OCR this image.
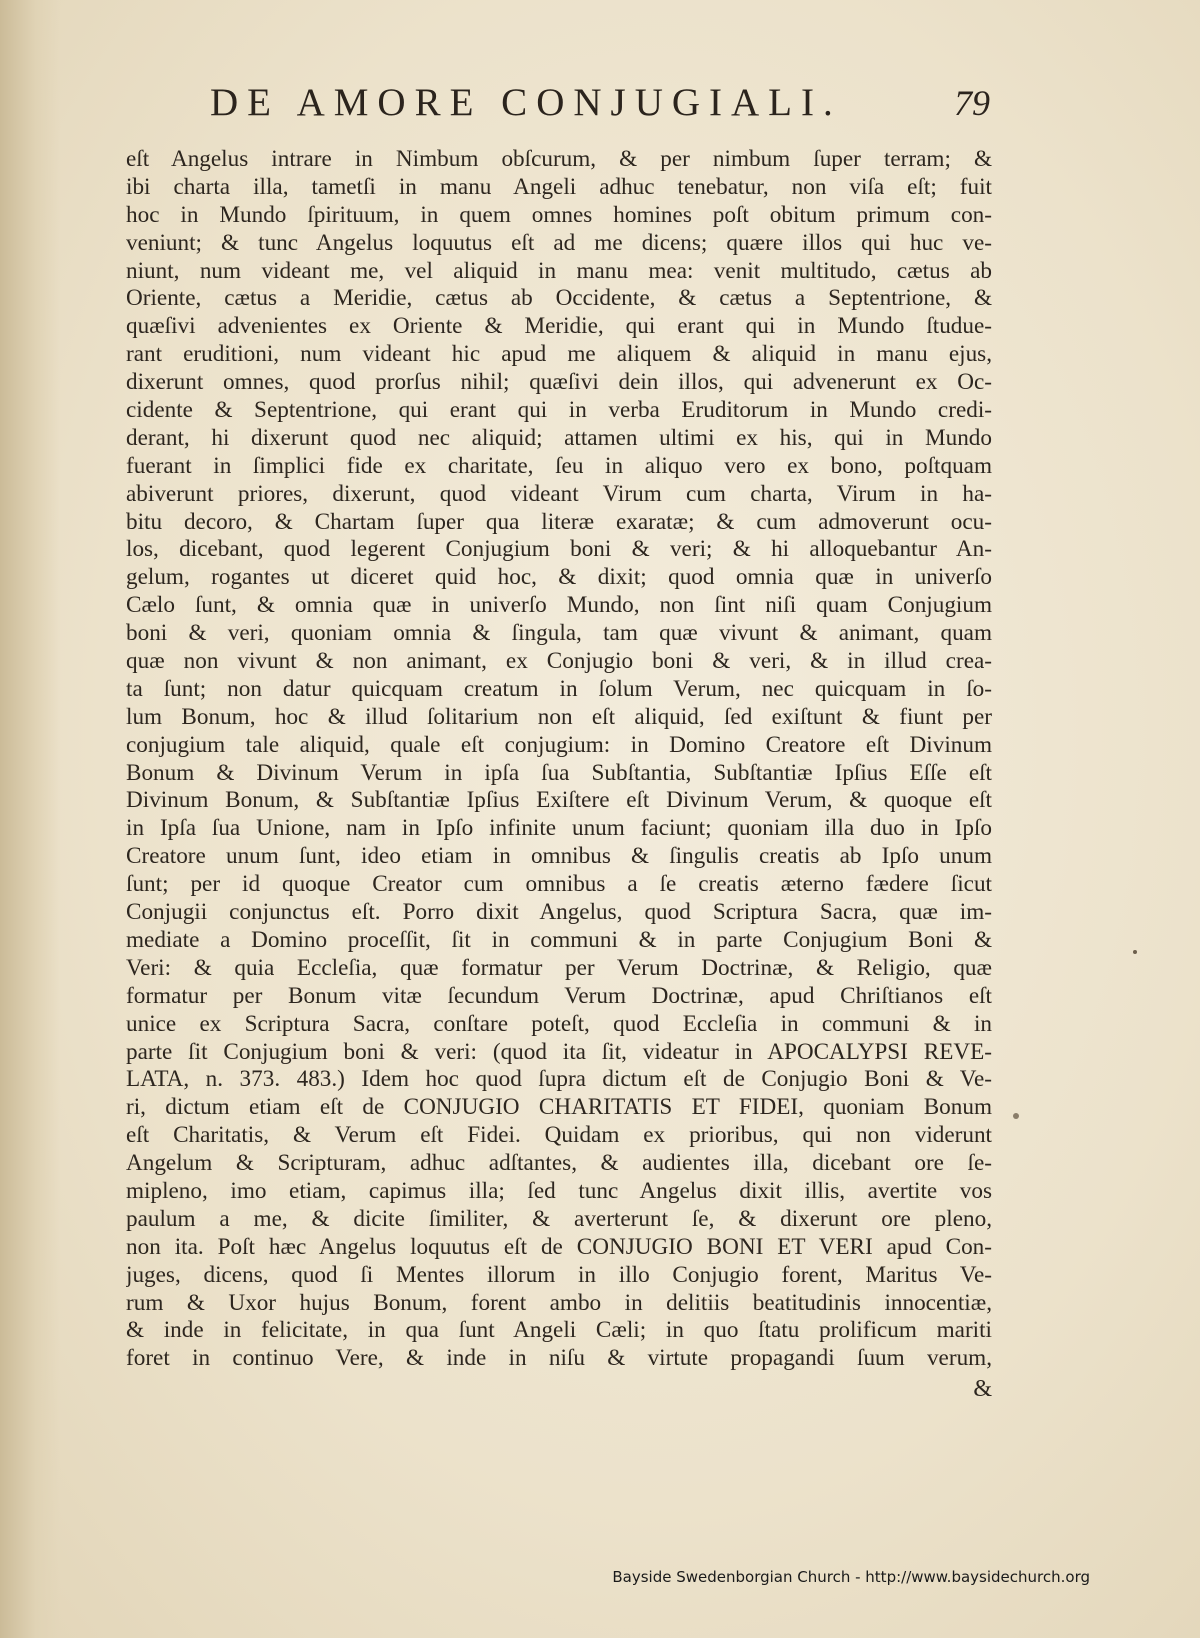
DE AMORE CONJUGIALI.	79
eſt Angelus intrare in Nimbum obſcurum, & per nimbum ſuper terram; &
ibi charta illa, tametſi in manu Angeli adhuc tenebatur, non viſa eſt; fuit
hoc in Mundo ſpirituum, in quem omnes homines poſt obitum primum con-
veniunt; & tunc Angelus loquutus eſt ad me dicens; quære illos qui huc ve-
niunt, num videant me, vel aliquid in manu mea: venit multitudo, cætus ab
Oriente, cætus a Meridie, cætus ab Occidente, & cætus a Septentrione, &
quæſivi advenientes ex Oriente & Meridie, qui erant qui in Mundo ſtudue-
rant eruditioni, num videant hic apud me aliquem & aliquid in manu ejus,
dixerunt omnes, quod prorſus nihil; quæſivi dein illos, qui advenerunt ex Oc-
cidente & Septentrione, qui erant qui in verba Eruditorum in Mundo credi-
derant, hi dixerunt quod nec aliquid; attamen ultimi ex his, qui in Mundo
fuerant in ſimplici fide ex charitate, ſeu in aliquo vero ex bono, poſtquam
abiverunt priores, dixerunt, quod videant Virum cum charta, Virum in ha-
bitu decoro, & Chartam ſuper qua literæ exaratæ; & cum admoverunt ocu-
los, dicebant, quod legerent Conjugium boni & veri; & hi alloquebantur An-
gelum, rogantes ut diceret quid hoc, & dixit; quod omnia quæ in univerſo
Cælo ſunt, & omnia quæ in univerſo Mundo, non ſint niſi quam Conjugium
boni & veri, quoniam omnia & ſingula, tam quæ vivunt & animant, quam
quæ non vivunt & non animant, ex Conjugio boni & veri, & in illud crea-
ta ſunt; non datur quicquam creatum in ſolum Verum, nec quicquam in ſo-
lum Bonum, hoc & illud ſolitarium non eſt aliquid, ſed exiſtunt & fiunt per
conjugium tale aliquid, quale eſt conjugium: in Domino Creatore eſt Divinum
Bonum & Divinum Verum in ipſa ſua Subſtantia, Subſtantiæ Ipſius Eſſe eſt
Divinum Bonum, & Subſtantiæ Ipſius Exiſtere eſt Divinum Verum, & quoque eſt
in Ipſa ſua Unione, nam in Ipſo infinite unum faciunt; quoniam illa duo in Ipſo
Creatore unum ſunt, ideo etiam in omnibus & ſingulis creatis ab Ipſo unum
ſunt; per id quoque Creator cum omnibus a ſe creatis æterno fædere ſicut
Conjugii conjunctus eſt. Porro dixit Angelus, quod Scriptura Sacra, quæ im-
mediate a Domino proceſſit, ſit in communi & in parte Conjugium Boni &
Veri: & quia Eccleſia, quæ formatur per Verum Doctrinæ, & Religio, quæ
formatur per Bonum vitæ ſecundum Verum Doctrinæ, apud Chriſtianos eſt
unice ex Scriptura Sacra, conſtare poteſt, quod Eccleſia in communi & in
parte ſit Conjugium boni & veri: (quod ita ſit, videatur in APOCALYPSI REVE-
LATA, n. 373. 483.) Idem hoc quod ſupra dictum eſt de Conjugio Boni & Ve-
ri, dictum etiam eſt de CONJUGIO CHARITATIS ET FIDEI, quoniam Bonum
eſt Charitatis, & Verum eſt Fidei. Quidam ex prioribus, qui non viderunt
Angelum & Scripturam, adhuc adſtantes, & audientes illa, dicebant ore ſe-
mipleno, imo etiam, capimus illa; ſed tunc Angelus dixit illis, avertite vos
paulum a me, & dicite ſimiliter, & averterunt ſe, & dixerunt ore pleno,
non ita. Poſt hæc Angelus loquutus eſt de CONJUGIO BONI ET VERI apud Con-
juges, dicens, quod ſi Mentes illorum in illo Conjugio forent, Maritus Ve-
rum & Uxor hujus Bonum, forent ambo in delitiis beatitudinis innocentiæ,
& inde in felicitate, in qua ſunt Angeli Cæli; in quo ſtatu prolificum mariti
foret in continuo Vere, & inde in niſu & virtute propagandi ſuum verum,
&
Bayside Swedenborgian Church - http://www.baysidechurch.org
